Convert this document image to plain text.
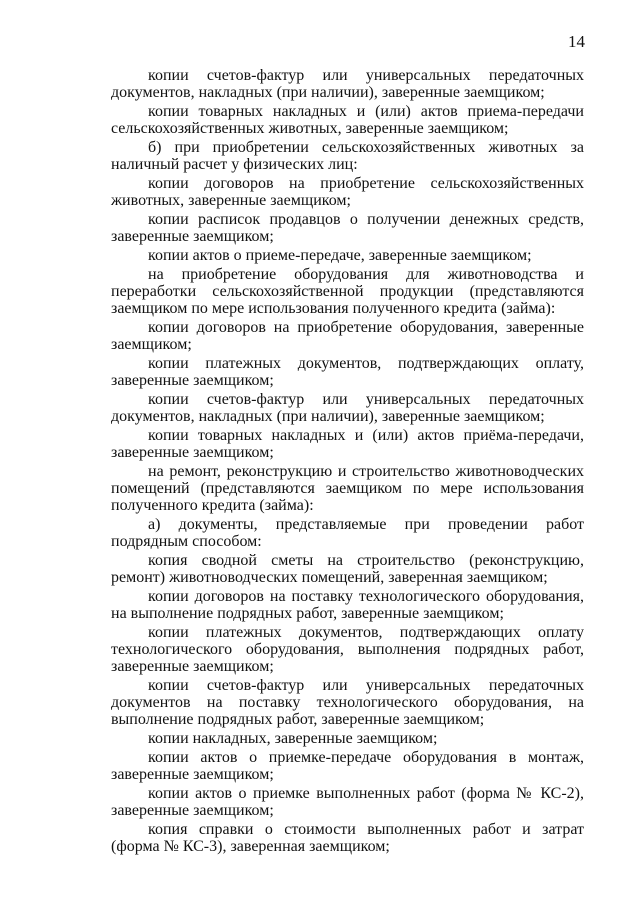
14

копии счетов-фактур или универсальных передаточных документов, накладных (при наличии), заверенные заемщиком;

копии товарных накладных и (или) актов приема-передачи сельскохозяйственных животных, заверенные заемщиком;

б) при приобретении сельскохозяйственных животных за наличный расчет у физических лиц:

копии договоров на приобретение сельскохозяйственных животных, заверенные заемщиком;

копии расписок продавцов о получении денежных средств, заверенные заемщиком;

копии актов о приеме-передаче, заверенные заемщиком;

на приобретение оборудования для животноводства и переработки сельскохозяйственной продукции (представляются заемщиком по мере использования полученного кредита (займа):

копии договоров на приобретение оборудования, заверенные заемщиком;

копии платежных документов, подтверждающих оплату, заверенные заемщиком;

копии счетов-фактур или универсальных передаточных документов, накладных (при наличии), заверенные заемщиком;

копии товарных накладных и (или) актов приёма-передачи, заверенные заемщиком;

на ремонт, реконструкцию и строительство животноводческих помещений (представляются заемщиком по мере использования полученного кредита (займа):

а) документы, представляемые при проведении работ подрядным способом:

копия сводной сметы на строительство (реконструкцию, ремонт) животноводческих помещений, заверенная заемщиком;

копии договоров на поставку технологического оборудования, на выполнение подрядных работ, заверенные заемщиком;

копии платежных документов, подтверждающих оплату технологического оборудования, выполнения подрядных работ, заверенные заемщиком;

копии счетов-фактур или универсальных передаточных документов на поставку технологического оборудования, на выполнение подрядных работ, заверенные заемщиком;

копии накладных, заверенные заемщиком;

копии актов о приемке-передаче оборудования в монтаж, заверенные заемщиком;

копии актов о приемке выполненных работ (форма № КС-2), заверенные заемщиком;

копия справки о стоимости выполненных работ и затрат (форма № КС-3), заверенная заемщиком;
